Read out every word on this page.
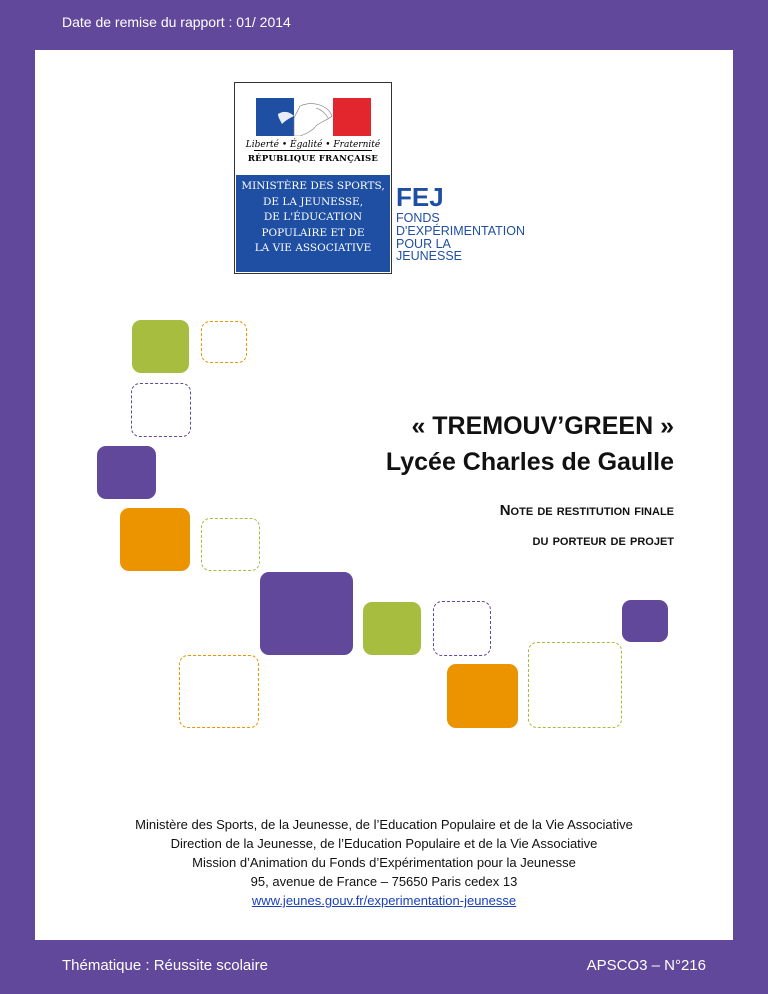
Date de remise du rapport : 01/ 2014
Liberté • Égalité • Fraternité
RÉPUBLIQUE FRANÇAISE
MINISTÈRE DES SPORTS,
DE LA JEUNESSE,
DE L'ÉDUCATION
POPULAIRE ET DE
LA VIE ASSOCIATIVE
FEJ
FONDS
D'EXPÉRIMENTATION
POUR LA
JEUNESSE
« TREMOUV’GREEN »
Lycée Charles de Gaulle
Note de restitution finale
du porteur de projet
Ministère des Sports, de la Jeunesse, de l’Education Populaire et de la Vie Associative
Direction de la Jeunesse, de l’Education Populaire et de la Vie Associative
Mission d’Animation du Fonds d’Expérimentation pour la Jeunesse
95, avenue de France – 75650 Paris cedex 13
www.jeunes.gouv.fr/experimentation-jeunesse
Thématique : Réussite scolaire	APSCO3 – N°216
